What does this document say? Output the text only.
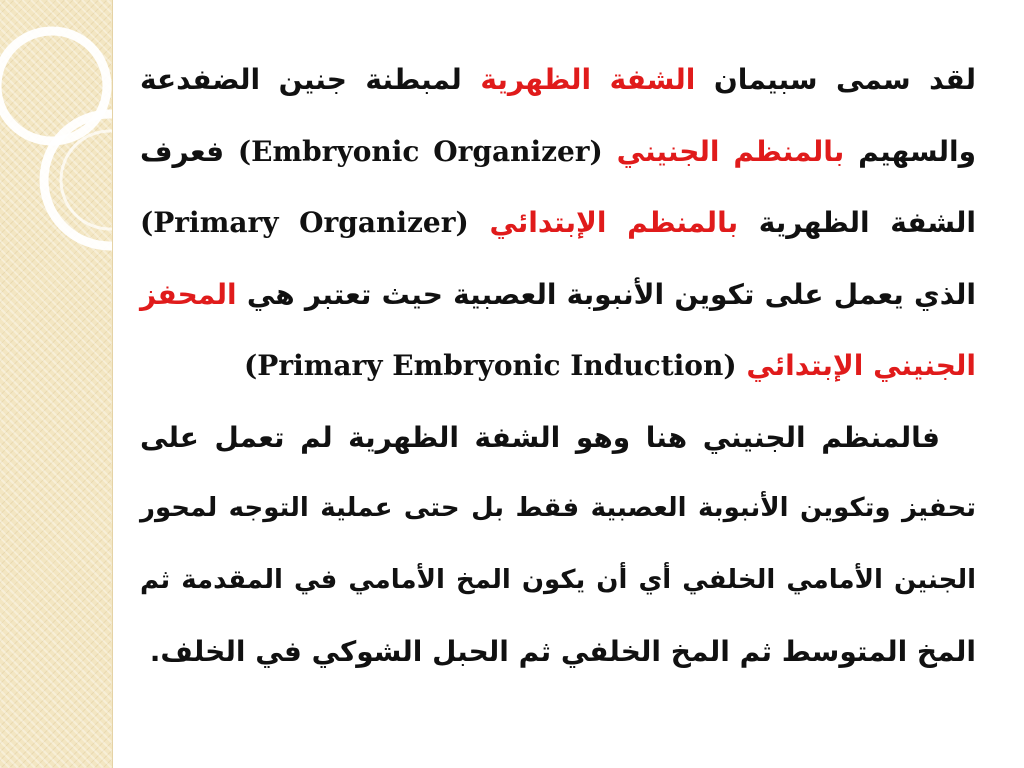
لقد سمى سبيمان الشفة الظهرية لمبطنة جنين الضفدعة
والسهيم بالمنظم الجنيني (Embryonic Organizer) فعرف
الشفة الظهرية بالمنظم الإبتدائي (Primary Organizer)
الذي يعمل على تكوين الأنبوبة العصبية حيث تعتبر هي المحفز
الجنيني الإبتدائي (Primary Embryonic Induction)
فالمنظم الجنيني هنا وهو الشفة الظهرية لم تعمل على
تحفيز وتكوين الأنبوبة العصبية فقط بل حتى عملية التوجه لمحور
الجنين الأمامي الخلفي أي أن يكون المخ الأمامي في المقدمة ثم
المخ المتوسط ثم المخ الخلفي ثم الحبل الشوكي في الخلف.
